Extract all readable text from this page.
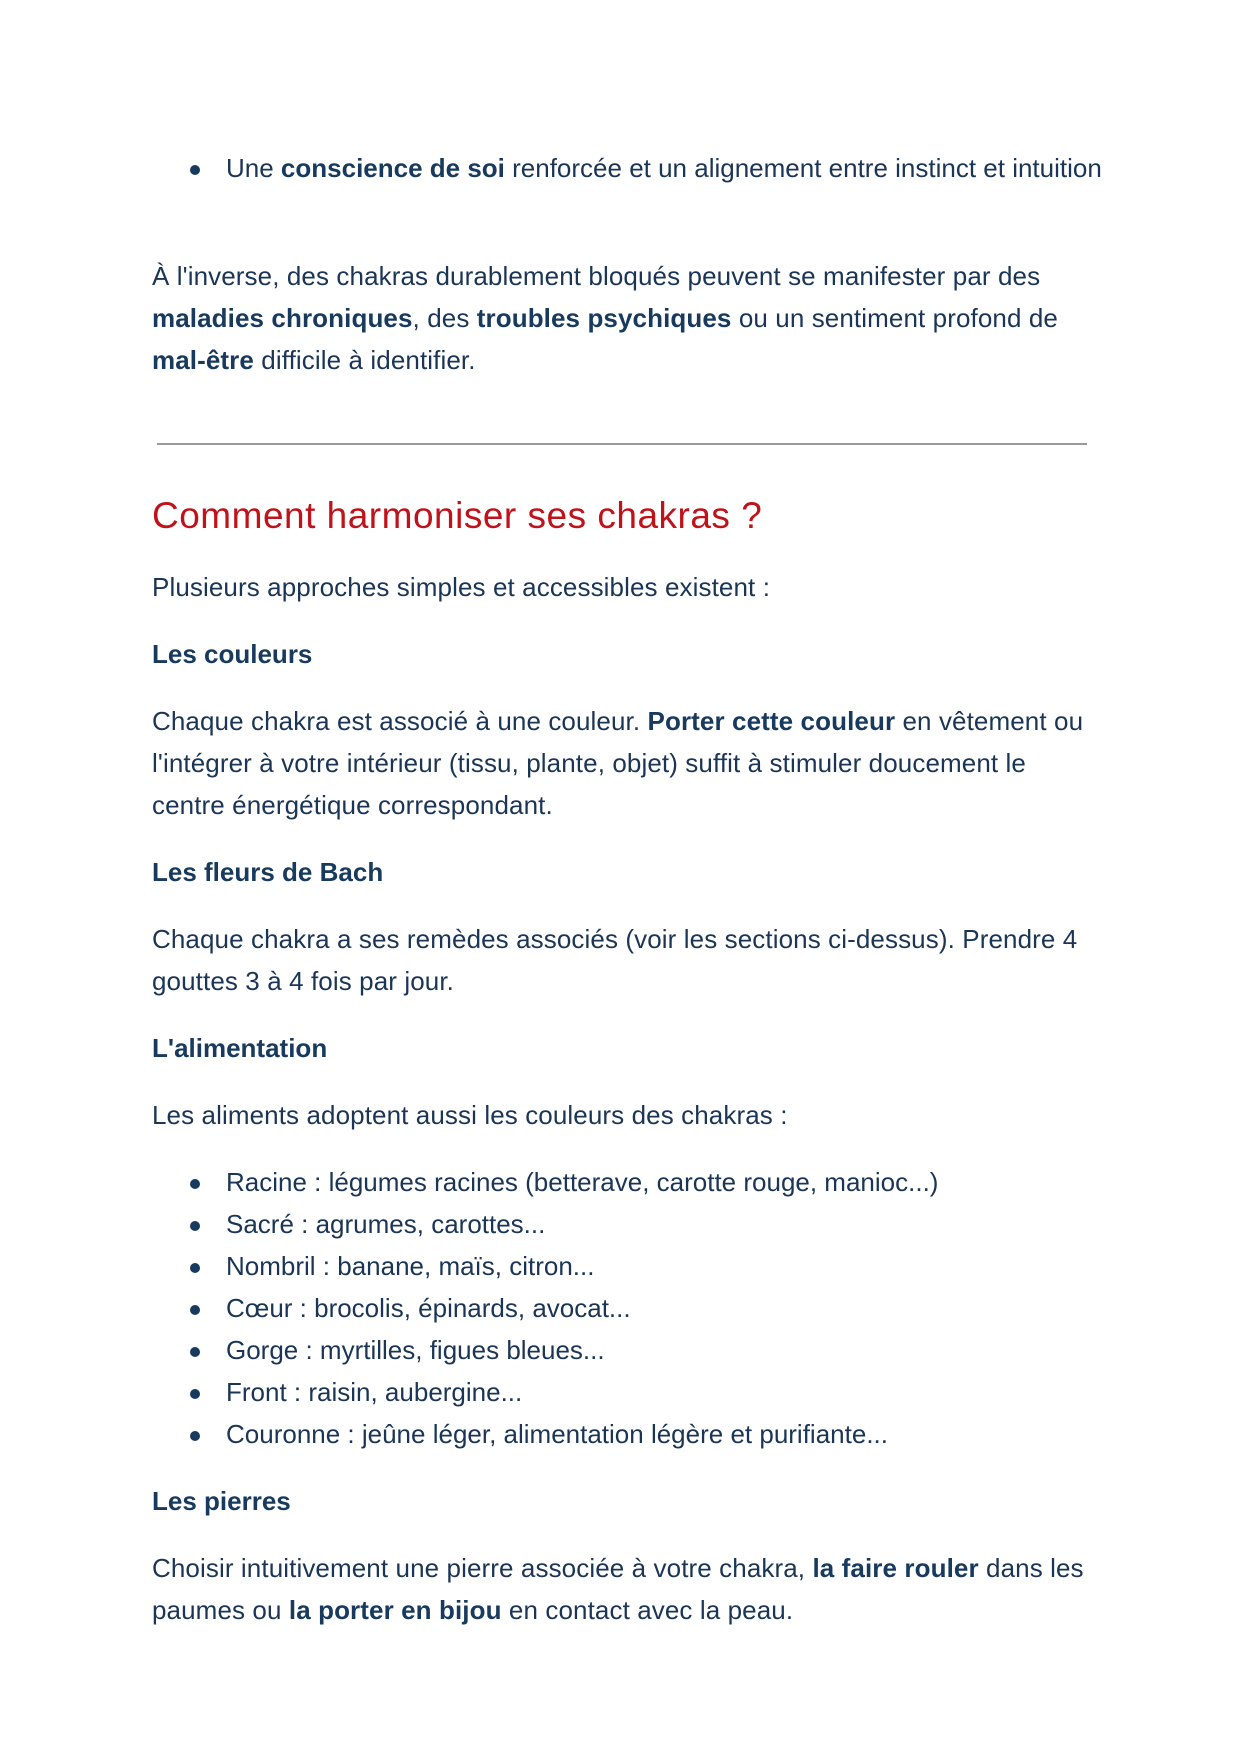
Une conscience de soi renforcée et un alignement entre instinct et intuition

À l'inverse, des chakras durablement bloqués peuvent se manifester par des maladies chroniques, des troubles psychiques ou un sentiment profond de mal-être difficile à identifier.

Comment harmoniser ses chakras ?

Plusieurs approches simples et accessibles existent :

Les couleurs

Chaque chakra est associé à une couleur. Porter cette couleur en vêtement ou l'intégrer à votre intérieur (tissu, plante, objet) suffit à stimuler doucement le centre énergétique correspondant.

Les fleurs de Bach

Chaque chakra a ses remèdes associés (voir les sections ci-dessus). Prendre 4 gouttes 3 à 4 fois par jour.

L'alimentation

Les aliments adoptent aussi les couleurs des chakras :

Racine : légumes racines (betterave, carotte rouge, manioc...)
Sacré : agrumes, carottes...
Nombril : banane, maïs, citron...
Cœur : brocolis, épinards, avocat...
Gorge : myrtilles, figues bleues...
Front : raisin, aubergine...
Couronne : jeûne léger, alimentation légère et purifiante...
Les pierres

Choisir intuitivement une pierre associée à votre chakra, la faire rouler dans les paumes ou la porter en bijou en contact avec la peau.
